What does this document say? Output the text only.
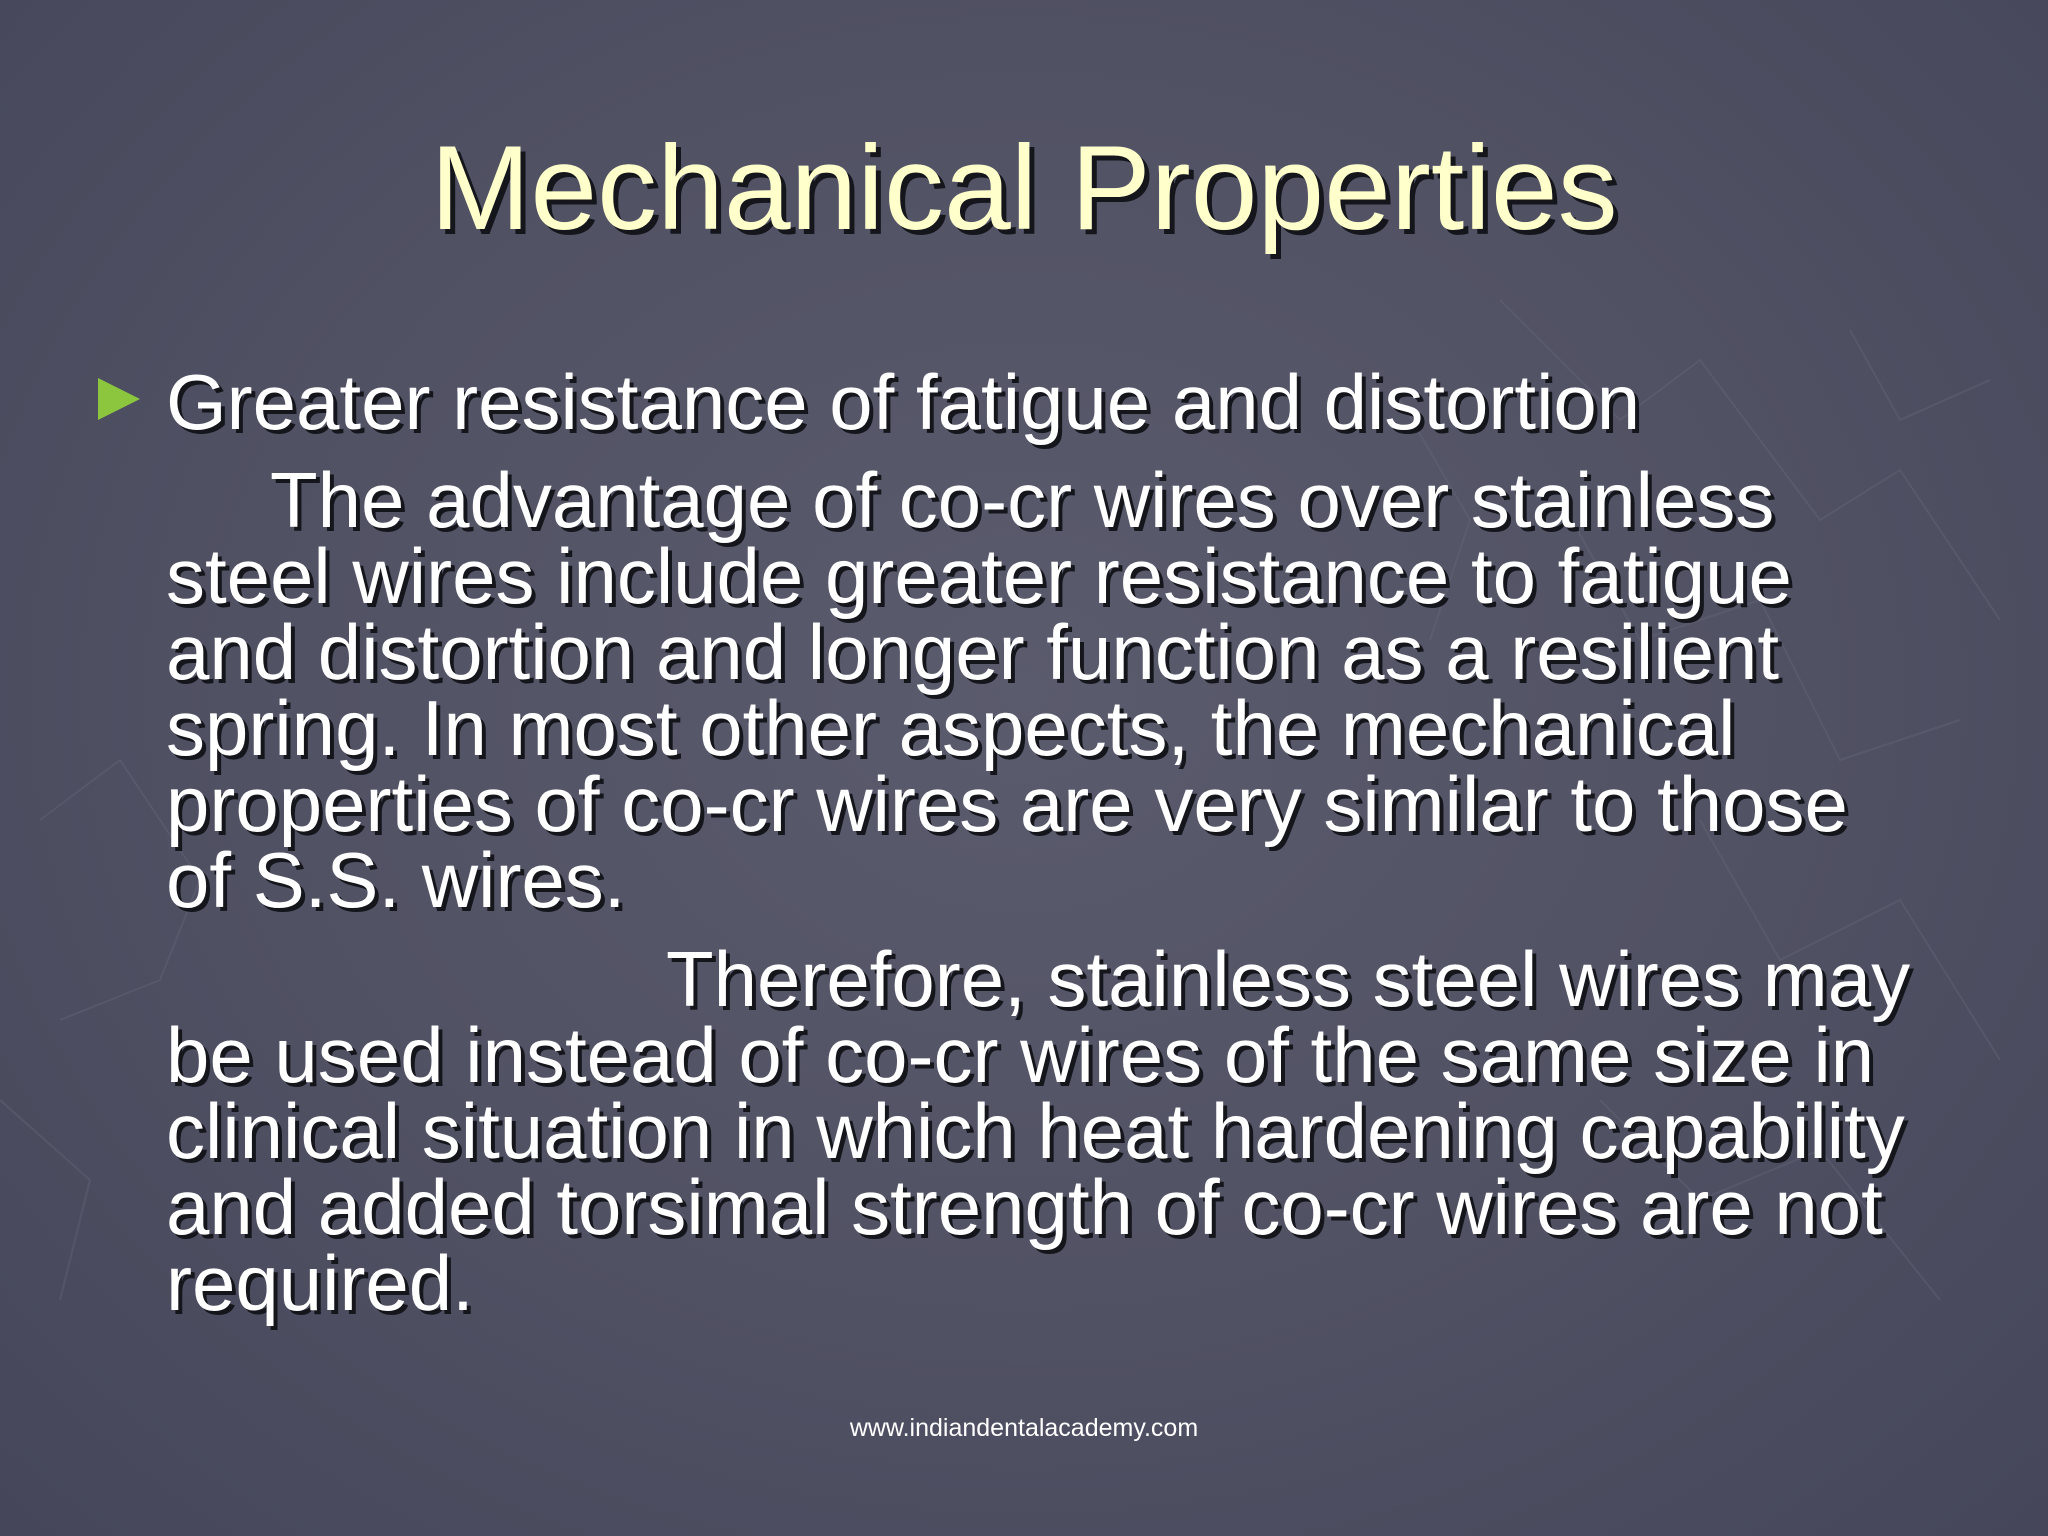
Mechanical Properties
Greater resistance of fatigue and distortion
The advantage of co-cr wires over stainless
steel wires include greater resistance to fatigue
and distortion and longer function as a resilient
spring. In most other aspects, the mechanical
properties of co-cr wires are very similar to those
of S.S. wires.
Therefore, stainless steel wires may
be used instead of co-cr wires of the same size in
clinical situation in which heat hardening capability
and added torsimal strength of co-cr wires are not
required.
www.indiandentalacademy.com
